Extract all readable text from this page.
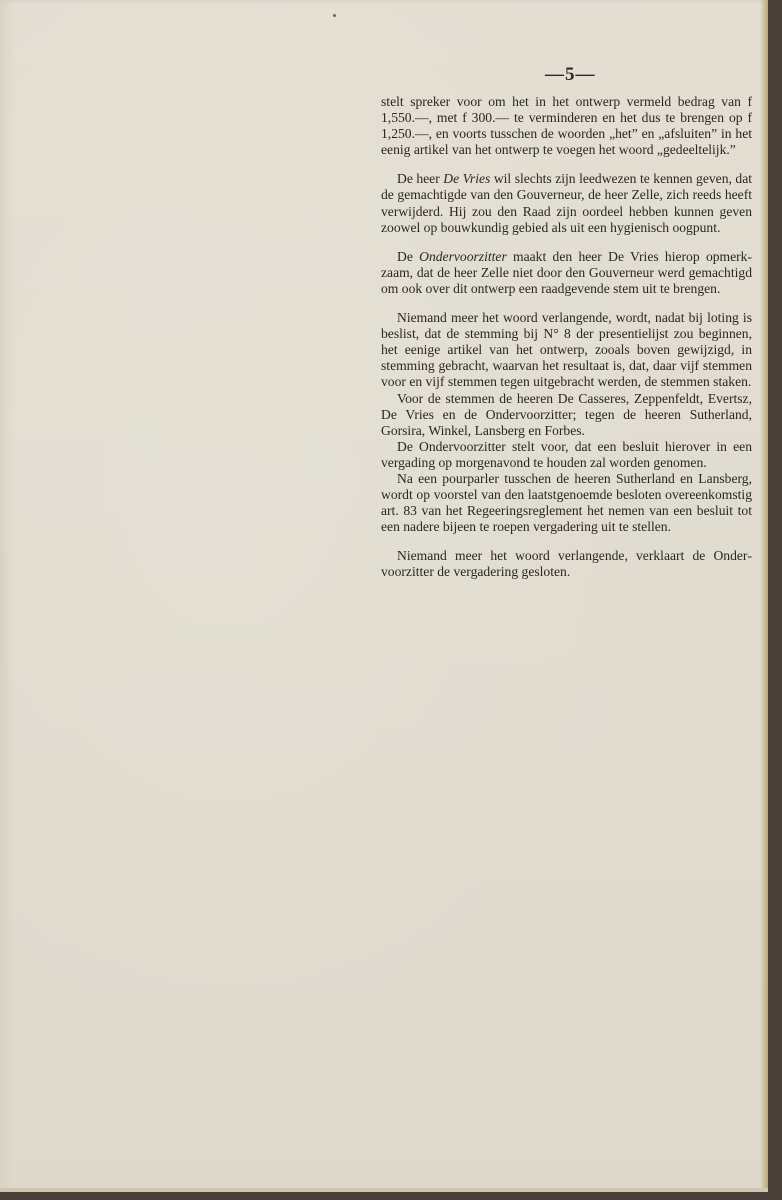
—5—

stelt spreker voor om het in het ontwerp vermeld bedrag van f 1,550.—, met f 300.— te verminderen en het dus te brengen op f 1,250.—, en voorts tusschen de woorden „het” en „afsluiten” in het eenig artikel van het ontwerp te voegen het woord „gedeeltelijk.”

De heer De Vries wil slechts zijn leedwezen te kennen geven, dat de gemachtigde van den Gouverneur, de heer Zelle, zich reeds heeft verwijderd. Hij zou den Raad zijn oordeel hebben kunnen geven zoowel op bouwkundig gebied als uit een hygienisch oogpunt.

De Ondervoorzitter maakt den heer De Vries hierop opmerkzaam, dat de heer Zelle niet door den Gouverneur werd gemachtigd om ook over dit ontwerp een raadgevende stem uit te brengen.

Niemand meer het woord verlangende, wordt, nadat bij loting is beslist, dat de stemming bij N° 8 der presentielijst zou beginnen, het eenige artikel van het ontwerp, zooals boven gewijzigd, in stemming gebracht, waarvan het resultaat is, dat, daar vijf stemmen voor en vijf stemmen tegen uitgebracht werden, de stemmen staken.

Voor de stemmen de heeren De Casseres, Zeppenfeldt, Evertsz, De Vries en de Ondervoorzitter; tegen de heeren Sutherland, Gorsira, Winkel, Lansberg en Forbes.

De Ondervoorzitter stelt voor, dat een besluit hierover in een vergading op morgenavond te houden zal worden genomen.

Na een pourparler tusschen de heeren Sutherland en Lansberg, wordt op voorstel van den laatstgenoemde besloten overeenkomstig art. 83 van het Regeeringsreglement het nemen van een besluit tot een nadere bijeen te roepen vergadering uit te stellen.

Niemand meer het woord verlangende, verklaart de Ondervoorzitter de vergadering gesloten.
